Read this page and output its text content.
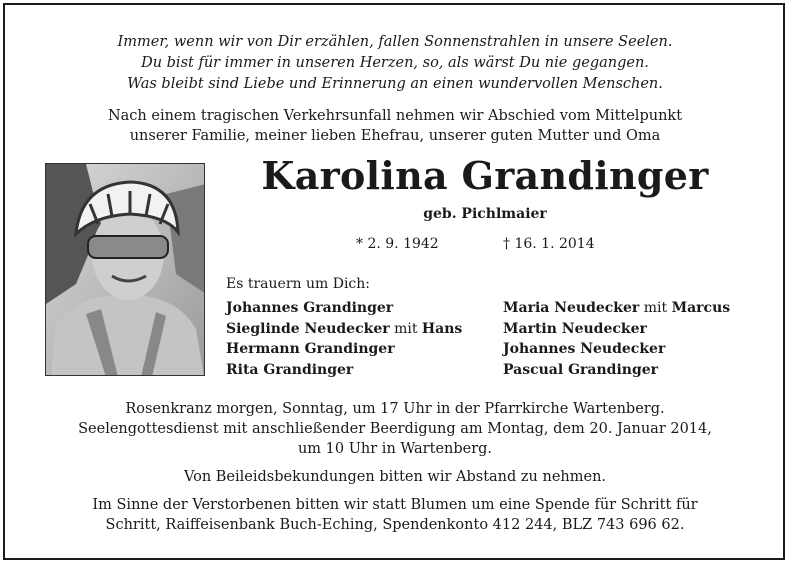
Immer, wenn wir von Dir erzählen, fallen Sonnenstrahlen in unsere Seelen.
Du bist für immer in unseren Herzen, so, als wärst Du nie gegangen.
Was bleibt sind Liebe und Erinnerung an einen wundervollen Menschen.
Nach einem tragischen Verkehrsunfall nehmen wir Abschied vom Mittelpunkt
unserer Familie, meiner lieben Ehefrau, unserer guten Mutter und Oma
Karolina Grandinger
geb. Pichlmaier
* 2. 9. 1942	† 16. 1. 2014
Es trauern um Dich:
Johannes Grandinger
Sieglinde Neudecker mit Hans
Hermann Grandinger
Rita Grandinger
Maria Neudecker mit Marcus
Martin Neudecker
Johannes Neudecker
Pascual Grandinger
Rosenkranz morgen, Sonntag, um 17 Uhr in der Pfarrkirche Wartenberg.
Seelengottesdienst mit anschließender Beerdigung am Montag, dem 20. Januar 2014,
um 10 Uhr in Wartenberg.
Von Beileidsbekundungen bitten wir Abstand zu nehmen.
Im Sinne der Verstorbenen bitten wir statt Blumen um eine Spende für Schritt für
Schritt, Raiffeisenbank Buch-Eching, Spendenkonto 412 244, BLZ 743 696 62.
